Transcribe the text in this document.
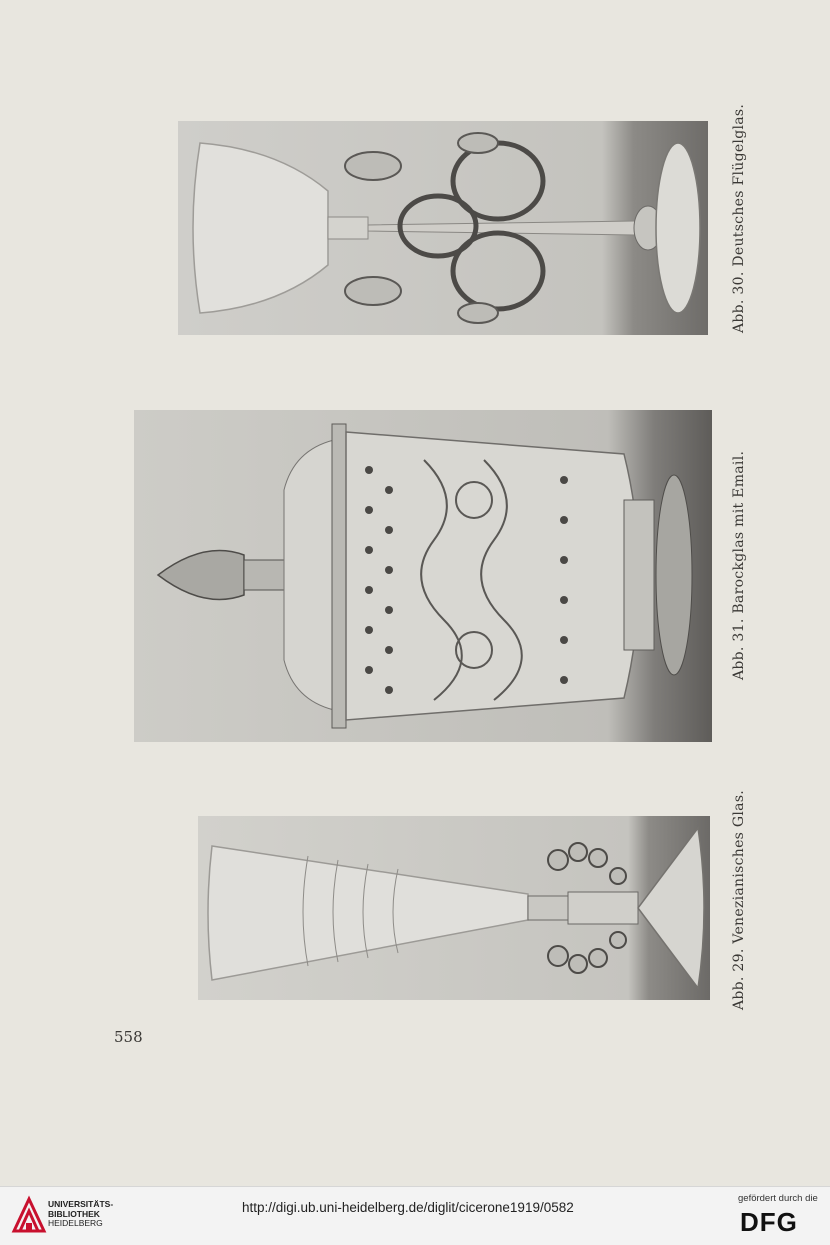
Abb. 30. Deutsches Flügelglas.
Abb. 31. Barockglas mit Email.
Abb. 29. Venezianisches Glas.
558
UNIVERSITÄTS-
BIBLIOTHEK
HEIDELBERG
http://digi.ub.uni-heidelberg.de/diglit/cicerone1919/0582
gefördert durch die
DFG
